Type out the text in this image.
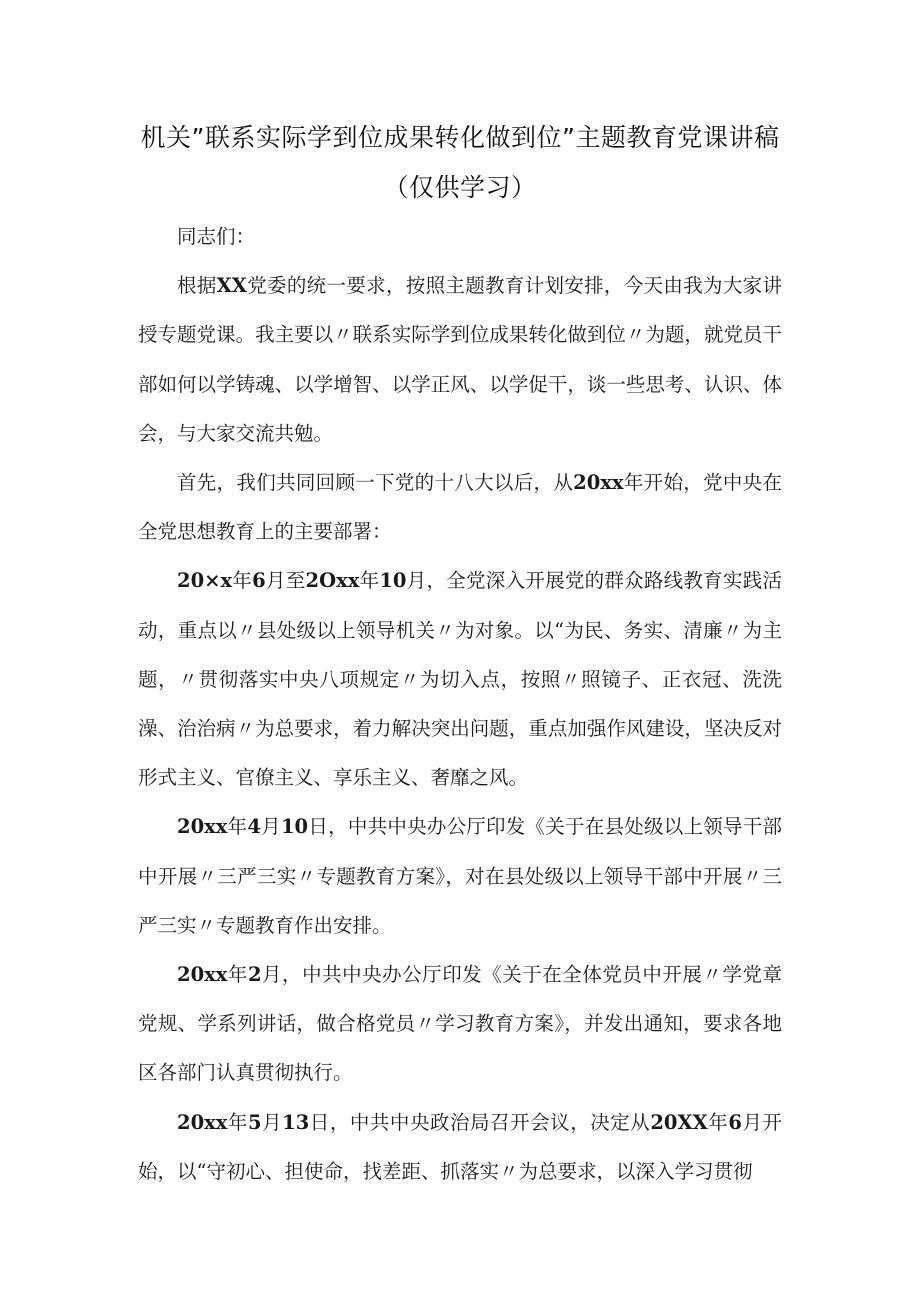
机关”联系实际学到位成果转化做到位”主题教育党课讲稿
（仅供学习）

同志们：

根据XX党委的统一要求，按照主题教育计划安排，今天由我为大家讲授专题党课。我主要以〃联系实际学到位成果转化做到位〃为题，就党员干部如何以学铸魂、以学增智、以学正风、以学促干，谈一些思考、认识、体会，与大家交流共勉。

首先，我们共同回顾一下党的十八大以后，从20xx年开始，党中央在全党思想教育上的主要部署：

20×x年6月至2Oxx年10月，全党深入开展党的群众路线教育实践活动，重点以〃县处级以上领导机关〃为对象。以“为民、务实、清廉〃为主题，〃贯彻落实中央八项规定〃为切入点，按照〃照镜子、正衣冠、洗洗澡、治治病〃为总要求，着力解决突出问题，重点加强作风建设，坚决反对形式主义、官僚主义、享乐主义、奢靡之风。

20xx年4月10日，中共中央办公厅印发《关于在县处级以上领导干部中开展〃三严三实〃专题教育方案》，对在县处级以上领导干部中开展〃三严三实〃专题教育作出安排。

20xx年2月，中共中央办公厅印发《关于在全体党员中开展〃学党章党规、学系列讲话，做合格党员〃学习教育方案》，并发出通知，要求各地区各部门认真贯彻执行。

20xx年5月13日，中共中央政治局召开会议，决定从20XX年6月开始，以“守初心、担使命，找差距、抓落实〃为总要求，以深入学习贯彻
